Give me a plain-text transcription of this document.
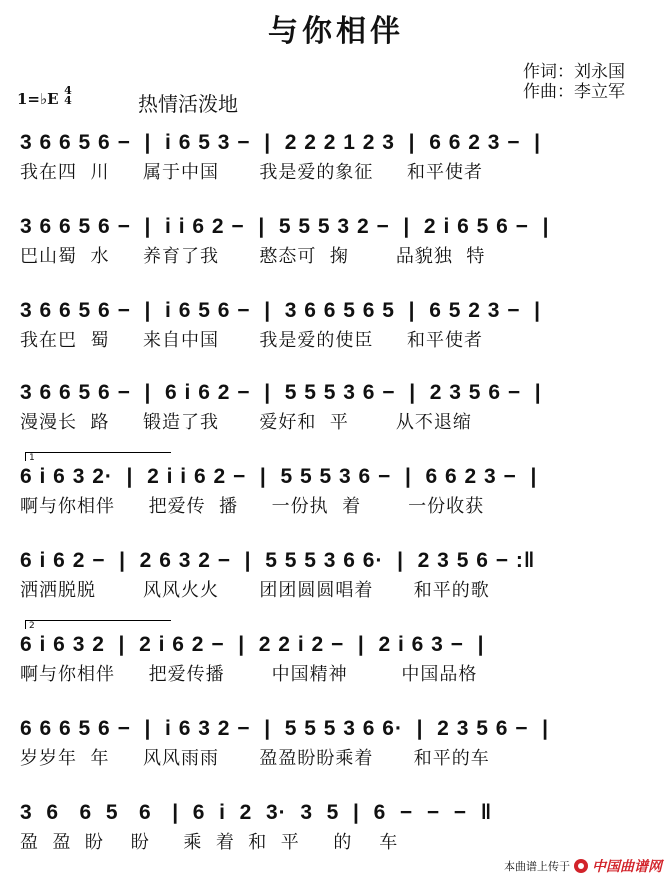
与你相伴
作词：刘永国
作曲：李立军
1=♭E 4
4	热情活泼地
3 6 6 5 6 −  |  i 6 5 3 −  |  2 2 2 1 2 3  |  6 6 2 3 −  |
我在四  川     属于中国      我是爱的象征     和平使者
3 6 6 5 6 −  |  i i 6 2 −  |  5 5 5 3 2 −  |  2 i 6 5 6 −  |
巴山蜀  水     养育了我      憨态可  掬       品貌独  特
3 6 6 5 6 −  |  i 6 5 6 −  |  3 6 6 5 6 5  |  6 5 2 3 −  |
我在巴  蜀     来自中国      我是爱的使臣     和平使者
3 6 6 5 6 −  |  6 i 6 2 −  |  5 5 5 3 6 −  |  2 3 5 6 −  |
漫漫长  路     锻造了我      爱好和  平       从不退缩
1
6 i 6 3 2·  |  2 i i 6 2 −  |  5 5 5 3 6 −  |  6 6 2 3 −  |
啊与你相伴     把爱传  播     一份执  着       一份收获
6 i 6 2 −  |  2 6 3 2 −  |  5 5 5 3 6 6·  |  2 3 5 6 − :‖
洒洒脱脱       风风火火      团团圆圆唱着      和平的歌
2
6 i 6 3 2  |  2 i 6 2 −  |  2 2 i 2 −  |  2 i 6 3 −  |
啊与你相伴     把爱传播       中国精神        中国品格
6 6 6 5 6 −  |  i 6 3 2 −  |  5 5 5 3 6 6·  |  2 3 5 6 −  |
岁岁年  年     风风雨雨      盈盈盼盼乘着      和平的车
3  6   6  5   6   |  6  i  2  3·  3  5  |  6  −  −  −  ‖
盈  盈  盼    盼     乘  着  和  平     的    车
本曲谱上传于 中国曲谱网
